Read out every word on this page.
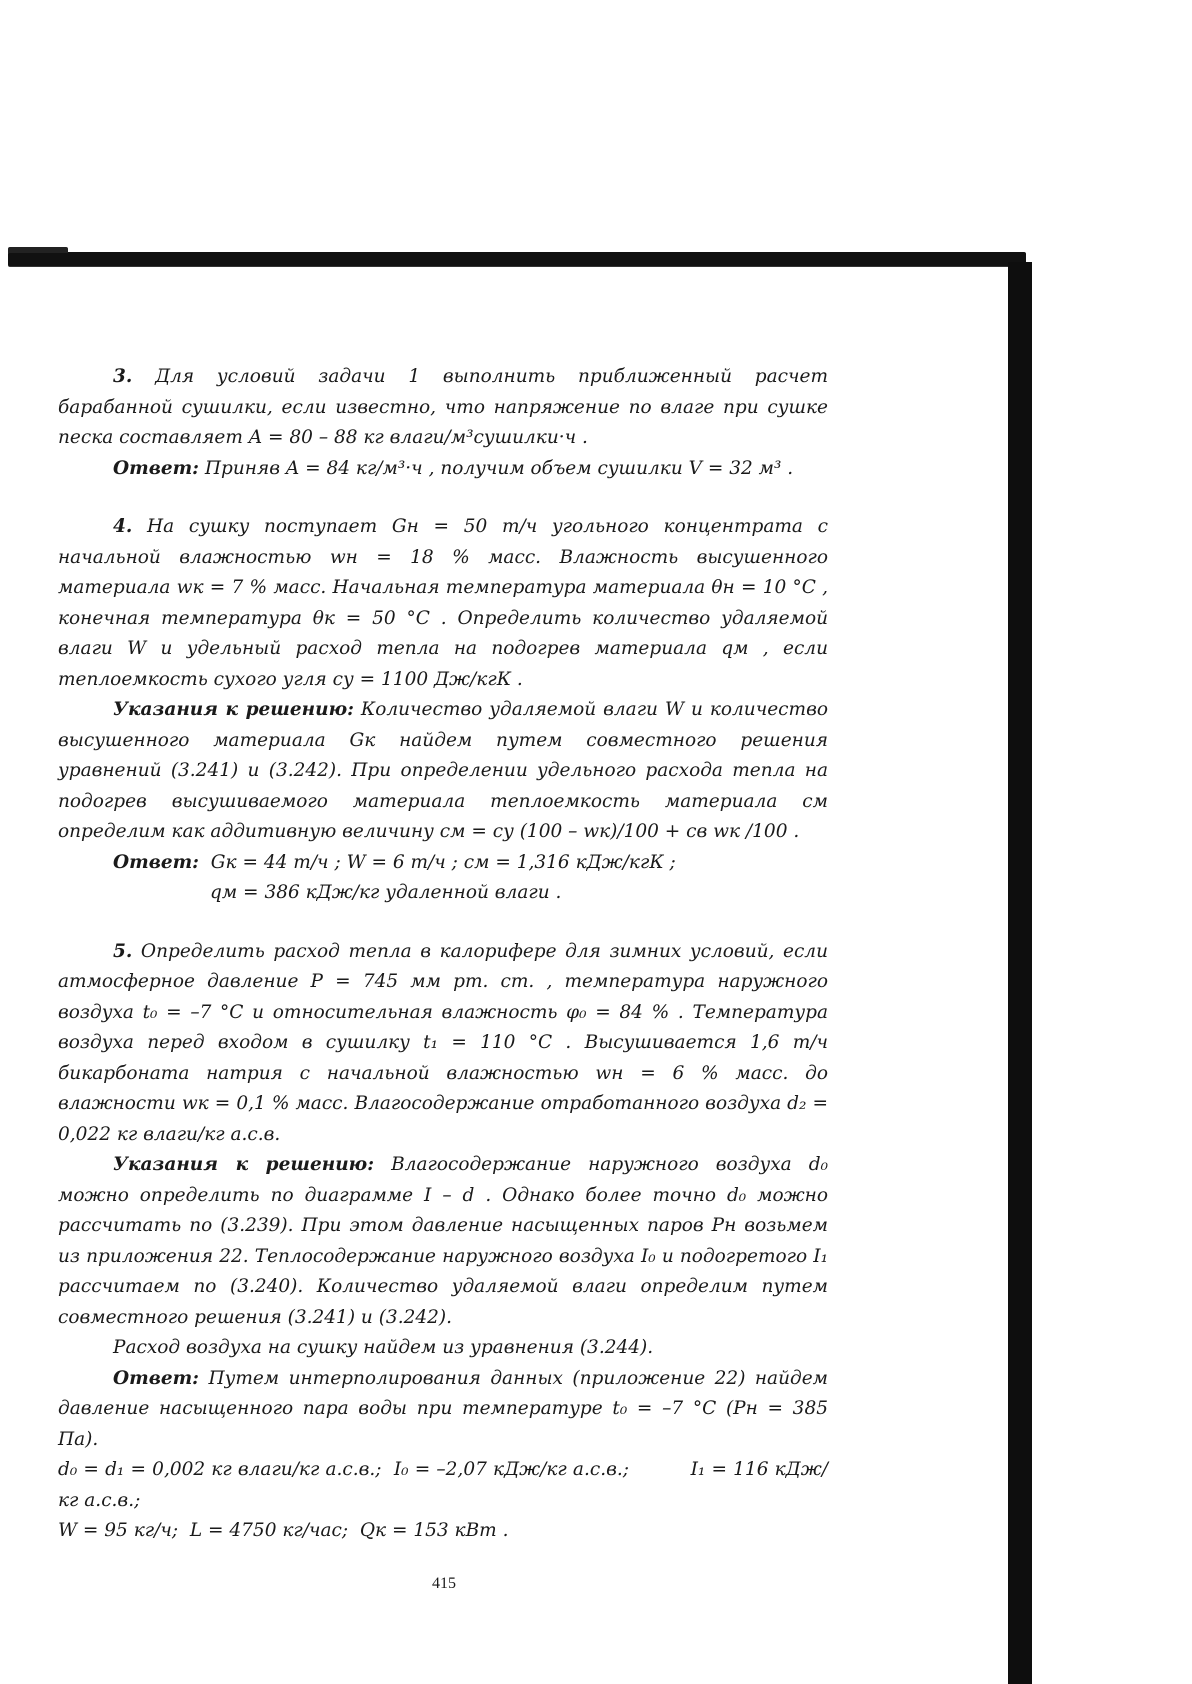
3. Для условий задачи 1 выполнить приближенный расчет барабанной сушилки, если известно, что напряжение по влаге при сушке песка составляет A = 80 – 88 кг влаги/м³сушилки·ч .

Ответ: Приняв A = 84 кг/м³·ч , получим объем сушилки V = 32 м³ .

4. На сушку поступает Gн = 50 т/ч угольного концентрата с начальной влажностью wн = 18 % масс. Влажность высушенного материала wк = 7 % масс. Начальная температура материала θн = 10 °C , конечная температура θк = 50 °C . Определить количество удаляемой влаги W и удельный расход тепла на подогрев материала qм , если теплоемкость сухого угля cу = 1100 Дж/кгК .

Указания к решению: Количество удаляемой влаги W и количество высушенного материала Gк найдем путем совместного решения уравнений (3.241) и (3.242). При определении удельного расхода тепла на подогрев высушиваемого материала теплоемкость материала cм определим как аддитивную величину cм = cу (100 – wк)/100 + cв wк /100 .

Ответ:  Gк = 44 т/ч ; W = 6 т/ч ; cм = 1,316 кДж/кгК ;

qм = 386 кДж/кг удаленной влаги .

5. Определить расход тепла в калорифере для зимних условий, если атмосферное давление P = 745 мм рт. ст. , температура наружного воздуха t₀ = –7 °C и относительная влажность φ₀ = 84 % . Температура воздуха перед входом в сушилку t₁ = 110 °C . Высушивается 1,6 т/ч бикарбоната натрия с начальной влажностью wн = 6 % масс. до влажности wк = 0,1 % масс. Влагосодержание отработанного воздуха d₂ = 0,022 кг влаги/кг а.с.в.

Указания к решению: Влагосодержание наружного воздуха d₀ можно определить по диаграмме I – d . Однако более точно d₀ можно рассчитать по (3.239). При этом давление насыщенных паров Pн возьмем из приложения 22. Теплосодержание наружного воздуха I₀ и подогретого I₁ рассчитаем по (3.240). Количество удаляемой влаги определим путем совместного решения (3.241) и (3.242).

Расход воздуха на сушку найдем из уравнения (3.244).

Ответ: Путем интерполирования данных (приложение 22) найдем давление насыщенного пара воды при температуре t₀ = –7 °C (Pн = 385 Па).

d₀ = d₁ = 0,002 кг влаги/кг а.с.в.;  I₀ = –2,07 кДж/кг а.с.в.;          I₁ = 116 кДж/кг а.с.в.;

W = 95 кг/ч;  L = 4750 кг/час;  Qк = 153 кВт .

415
